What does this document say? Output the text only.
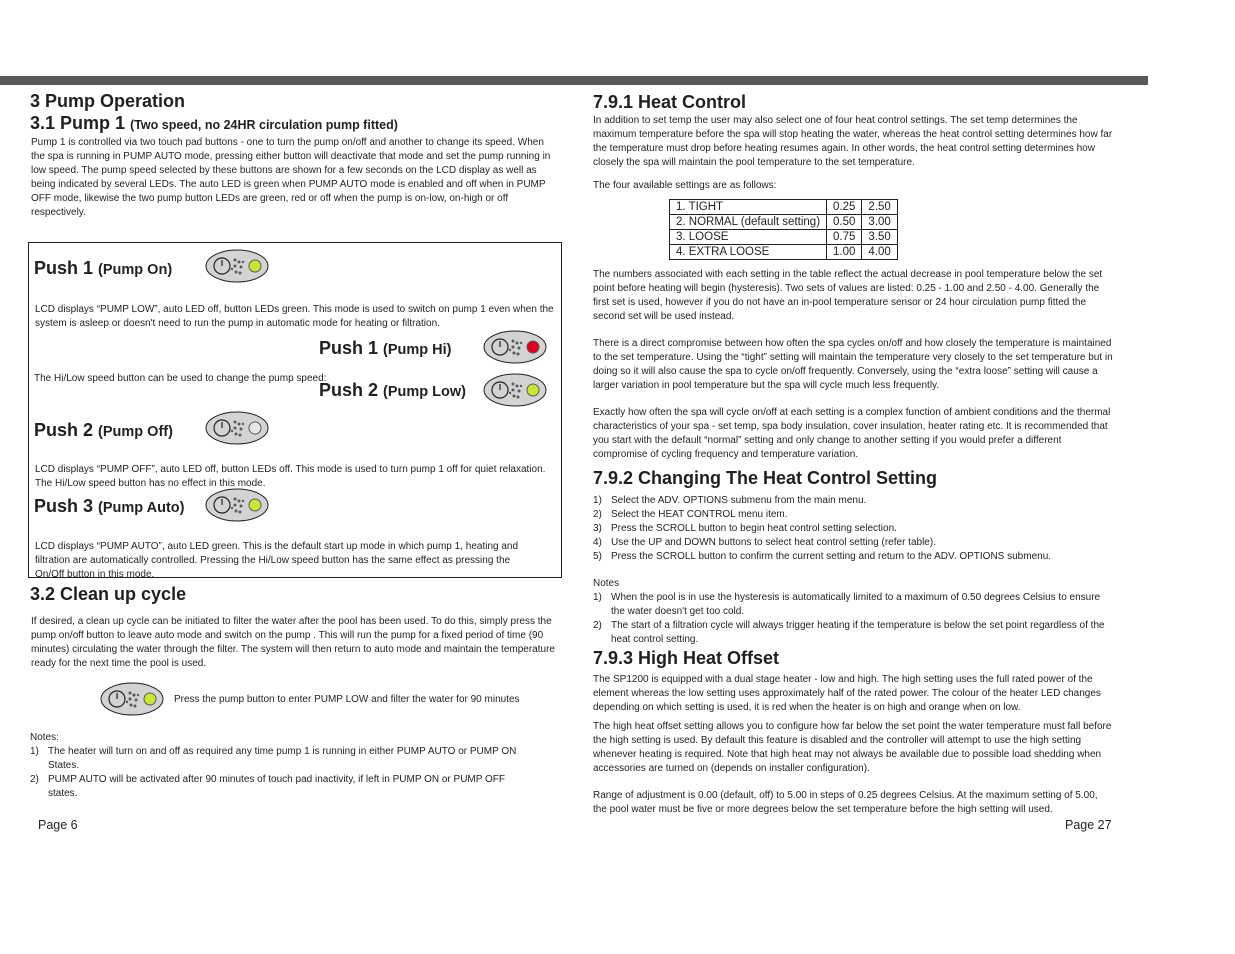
3 Pump Operation

3.1 Pump 1 (Two speed, no 24HR circulation pump fitted)

Pump 1 is controlled via two touch pad buttons - one to turn the pump on/off and another to change its speed. When the spa is running in PUMP AUTO mode, pressing either button will deactivate that mode and set the pump running in low speed. The pump speed selected by these buttons are shown for a few seconds on the LCD display as well as being indicated by several LEDs. The auto LED is green when PUMP AUTO mode is enabled and off when in PUMP OFF mode, likewise the two pump button LEDs are green, red or off when the pump is on-low, on-high or off respectively.

Push 1 (Pump On)

LCD displays “PUMP LOW”, auto LED off, button LEDs green. This mode is used to switch on pump 1 even when the system is asleep or doesn't need to run the pump in automatic mode for heating or filtration.

Push 1 (Pump Hi)

The Hi/Low speed button can be used to change the pump speed:

Push 2 (Pump Low)
Push 2 (Pump Off)

LCD displays “PUMP OFF”, auto LED off, button LEDs off. This mode is used to turn pump 1 off for quiet relaxation. The Hi/Low speed button has no effect in this mode.

Push 3 (Pump Auto)

LCD displays “PUMP AUTO”, auto LED green. This is the default start up mode in which pump 1, heating and filtration are automatically controlled. Pressing the Hi/Low speed button has the same effect as pressing the On/Off button in this mode.

3.2 Clean up cycle

If desired, a clean up cycle can be initiated to filter the water after the pool has been used. To do this, simply press the pump on/off button to leave auto mode and switch on the pump . This will run the pump for a fixed period of time (90 minutes) circulating the water through the filter. The system will then return to auto mode and maintain the temperature ready for the next time the pool is used.

Press the pump button to enter PUMP LOW and filter the water for 90 minutes

Notes:

1) The heater will turn on and off as required any time pump 1 is running in either PUMP AUTO or PUMP ON States.
2) PUMP AUTO will be activated after 90 minutes of touch pad inactivity, if left in PUMP ON or PUMP OFF states.
Page 6

7.9.1 Heat Control

In addition to set temp the user may also select one of four heat control settings. The set temp determines the maximum temperature before the spa will stop heating the water, whereas the heat control setting determines how far the temperature must drop before heating resumes again. In other words, the heat control setting determines how closely the spa will maintain the pool temperature to the set temperature.

The four available settings are as follows:

1. TIGHT	0.25	2.50
2. NORMAL (default setting)	0.50	3.00
3. LOOSE	0.75	3.50
4. EXTRA LOOSE	1.00	4.00

The numbers associated with each setting in the table reflect the actual decrease in pool temperature below the set point before heating will begin (hysteresis). Two sets of values are listed: 0.25 - 1.00 and 2.50 - 4.00. Generally the first set is used, however if you do not have an in-pool temperature sensor or 24 hour circulation pump fitted the second set will be used instead.

There is a direct compromise between how often the spa cycles on/off and how closely the temperature is maintained to the set temperature. Using the “tight” setting will maintain the temperature very closely to the set temperature but in doing so it will also cause the spa to cycle on/off frequently. Conversely, using the “extra loose” setting will cause a larger variation in pool temperature but the spa will cycle much less frequently.

Exactly how often the spa will cycle on/off at each setting is a complex function of ambient conditions and the thermal characteristics of your spa - set temp, spa body insulation, cover insulation, heater rating etc. It is recommended that you start with the default “normal” setting and only change to another setting if you would prefer a different compromise of cycling frequency and temperature variation.

7.9.2 Changing The Heat Control Setting

1) Select the ADV. OPTIONS submenu from the main menu.
2) Select the HEAT CONTROL menu item.
3) Press the SCROLL button to begin heat control setting selection.
4) Use the UP and DOWN buttons to select heat control setting (refer table).
5) Press the SCROLL button to confirm the current setting and return to the ADV. OPTIONS submenu.

Notes

1) When the pool is in use the hysteresis is automatically limited to a maximum of 0.50 degrees Celsius to ensure the water doesn't get too cold.
2) The start of a filtration cycle will always trigger heating if the temperature is below the set point regardless of the heat control setting.

7.9.3 High Heat Offset

The SP1200 is equipped with a dual stage heater - low and high. The high setting uses the full rated power of the element whereas the low setting uses approximately half of the rated power. The colour of the heater LED changes depending on which setting is used, it is red when the heater is on high and orange when on low.

The high heat offset setting allows you to configure how far below the set point the water temperature must fall before the high setting is used. By default this feature is disabled and the controller will attempt to use the high setting whenever heating is required. Note that high heat may not always be available due to possible load shedding when accessories are turned on (depends on installer configuration).

Range of adjustment is 0.00 (default, off) to 5.00 in steps of 0.25 degrees Celsius. At the maximum setting of 5.00, the pool water must be five or more degrees below the set temperature before the high setting will used.

Page 27
